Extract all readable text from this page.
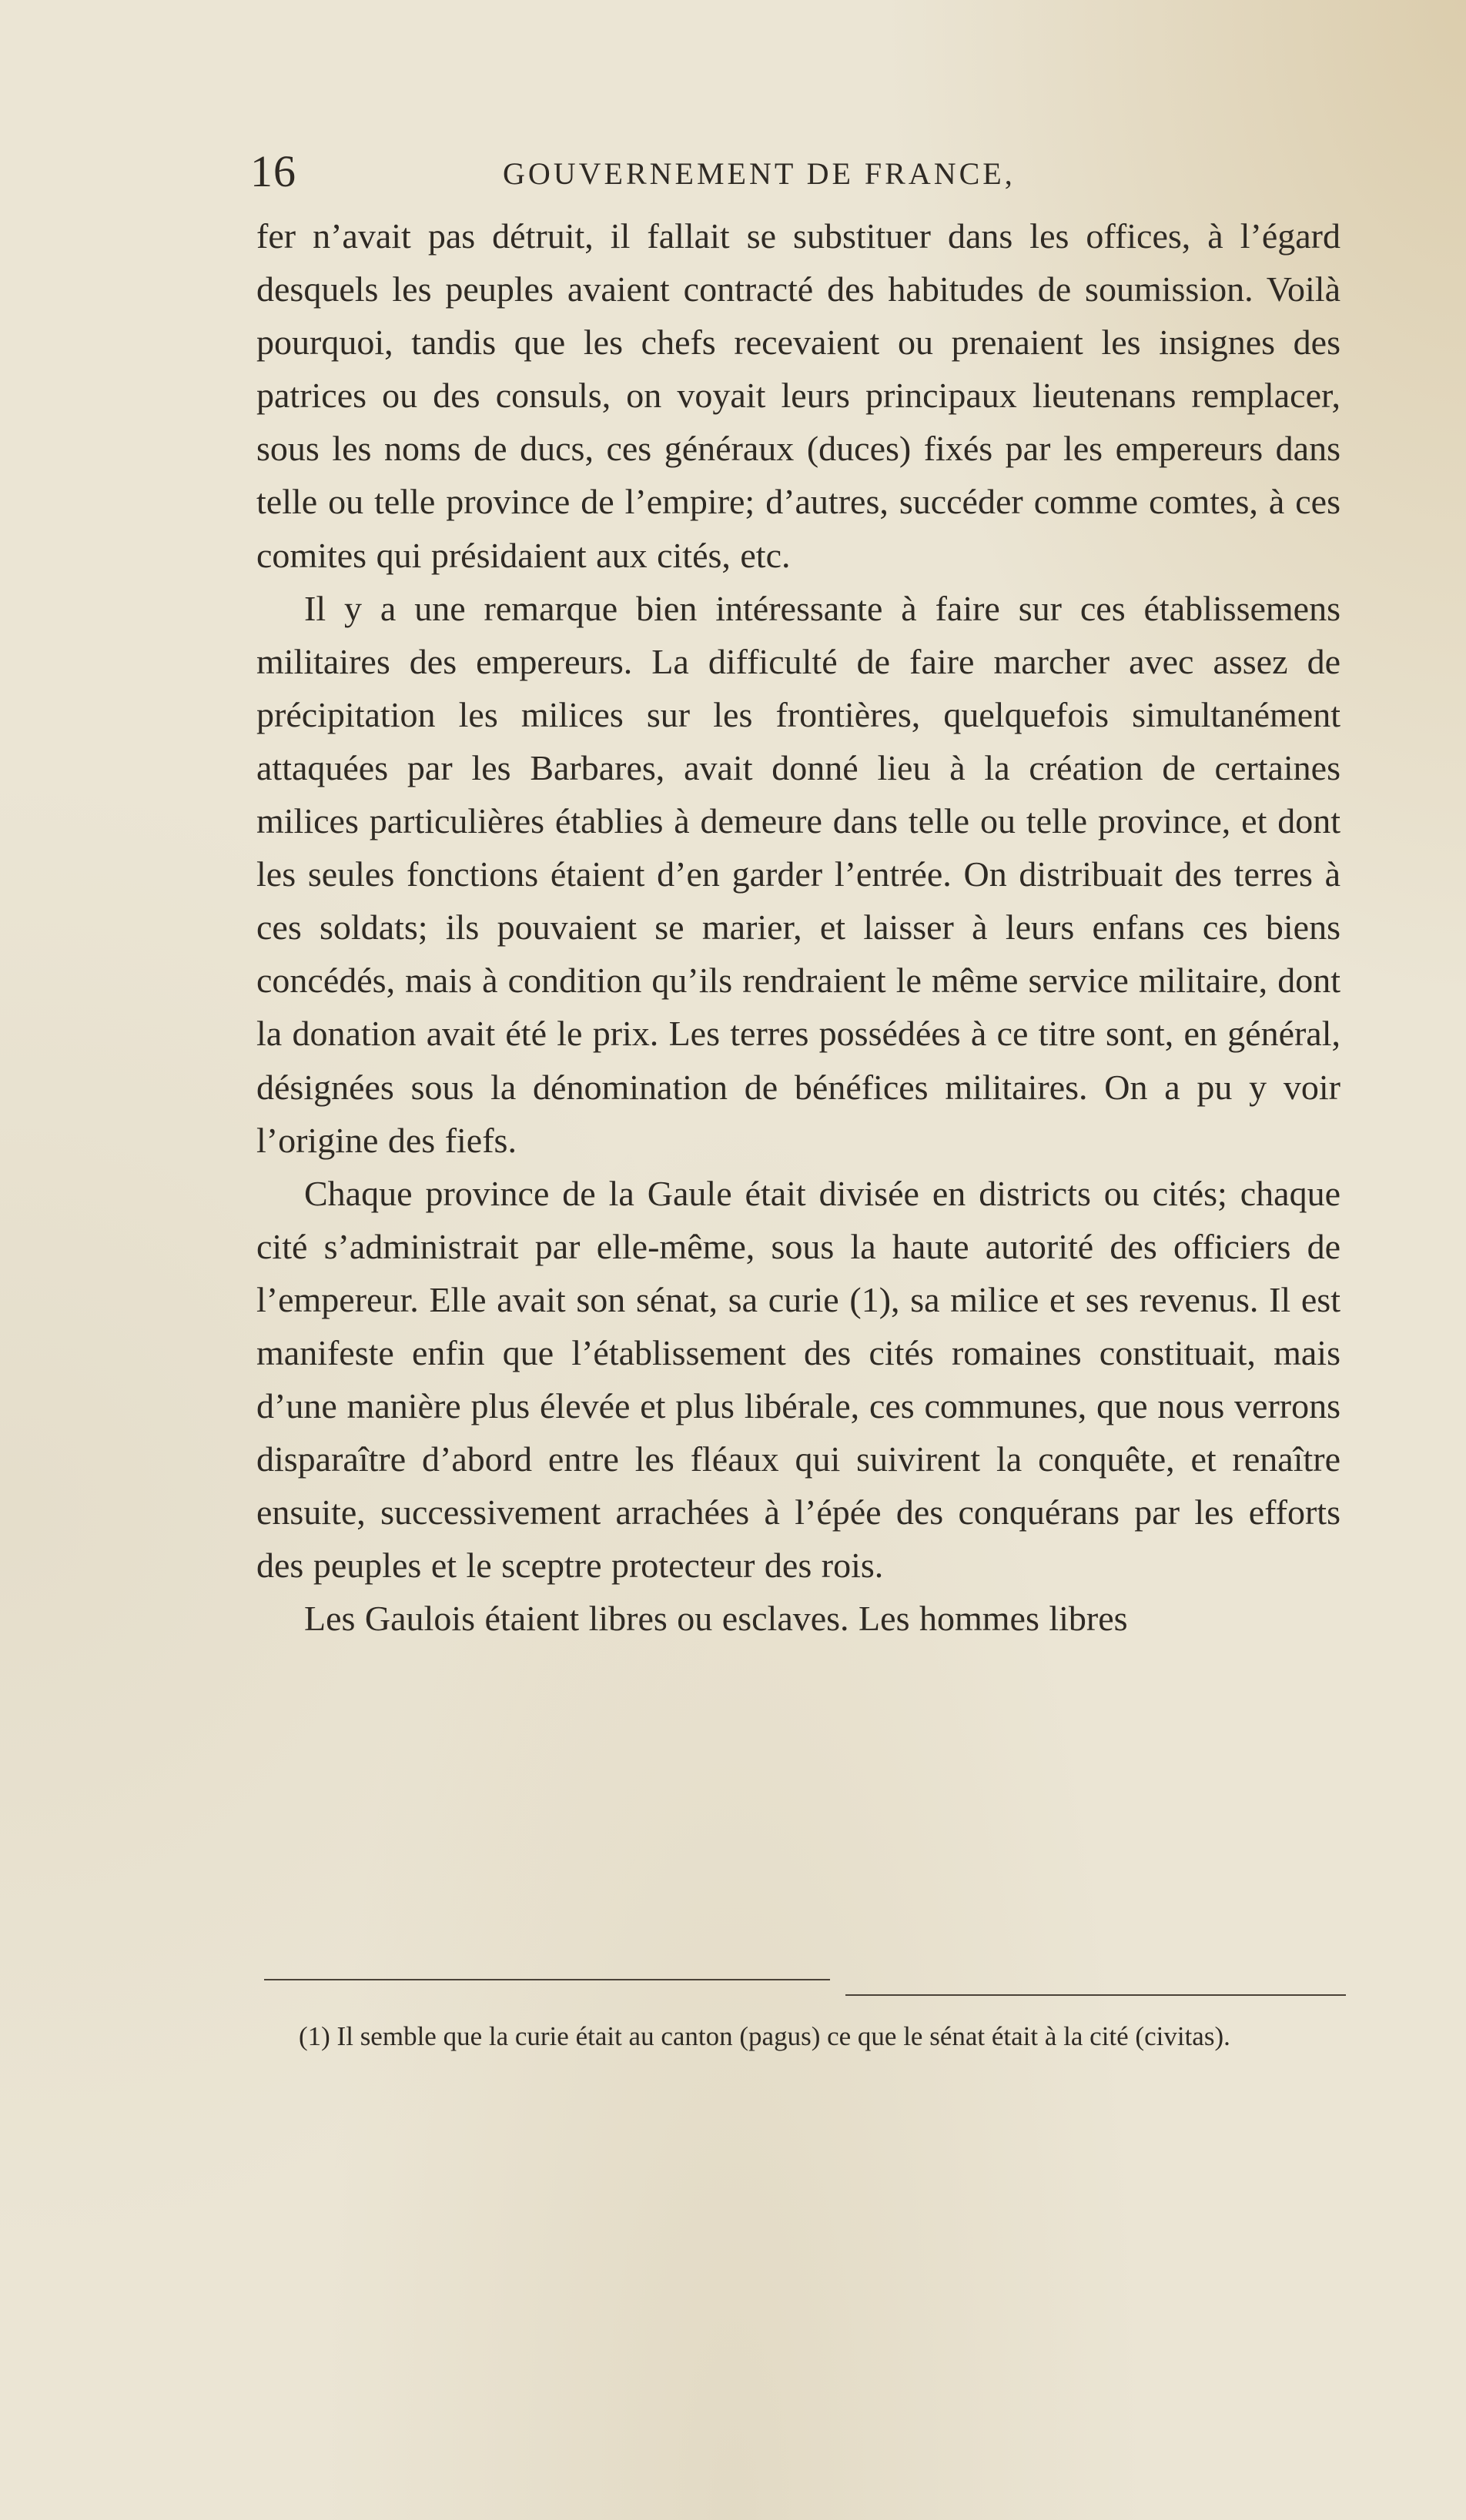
16	GOUVERNEMENT DE FRANCE,

fer n’avait pas détruit, il fallait se substituer dans les offices, à l’égard desquels les peuples avaient contracté des habitudes de soumission. Voilà pourquoi, tandis que les chefs recevaient ou prenaient les insignes des patrices ou des consuls, on voyait leurs principaux lieutenans remplacer, sous les noms de ducs, ces généraux (duces) fixés par les empereurs dans telle ou telle province de l’empire; d’autres, succéder comme comtes, à ces comites qui présidaient aux cités, etc.

Il y a une remarque bien intéressante à faire sur ces établissemens militaires des empereurs. La difficulté de faire marcher avec assez de précipitation les milices sur les frontières, quelquefois simultanément attaquées par les Barbares, avait donné lieu à la création de certaines milices particulières établies à demeure dans telle ou telle province, et dont les seules fonctions étaient d’en garder l’entrée. On distribuait des terres à ces soldats; ils pouvaient se marier, et laisser à leurs enfans ces biens concédés, mais à condition qu’ils rendraient le même service militaire, dont la donation avait été le prix. Les terres possédées à ce titre sont, en général, désignées sous la dénomination de bénéfices militaires. On a pu y voir l’origine des fiefs.

Chaque province de la Gaule était divisée en districts ou cités; chaque cité s’administrait par elle-même, sous la haute autorité des officiers de l’empereur. Elle avait son sénat, sa curie (1), sa milice et ses revenus. Il est manifeste enfin que l’établissement des cités romaines constituait, mais d’une manière plus élevée et plus libérale, ces communes, que nous verrons disparaître d’abord entre les fléaux qui suivirent la conquête, et renaître ensuite, successivement arrachées à l’épée des conquérans par les efforts des peuples et le sceptre protecteur des rois.

Les Gaulois étaient libres ou esclaves. Les hommes libres

(1) Il semble que la curie était au canton (pagus) ce que le sénat était à la cité (civitas).
